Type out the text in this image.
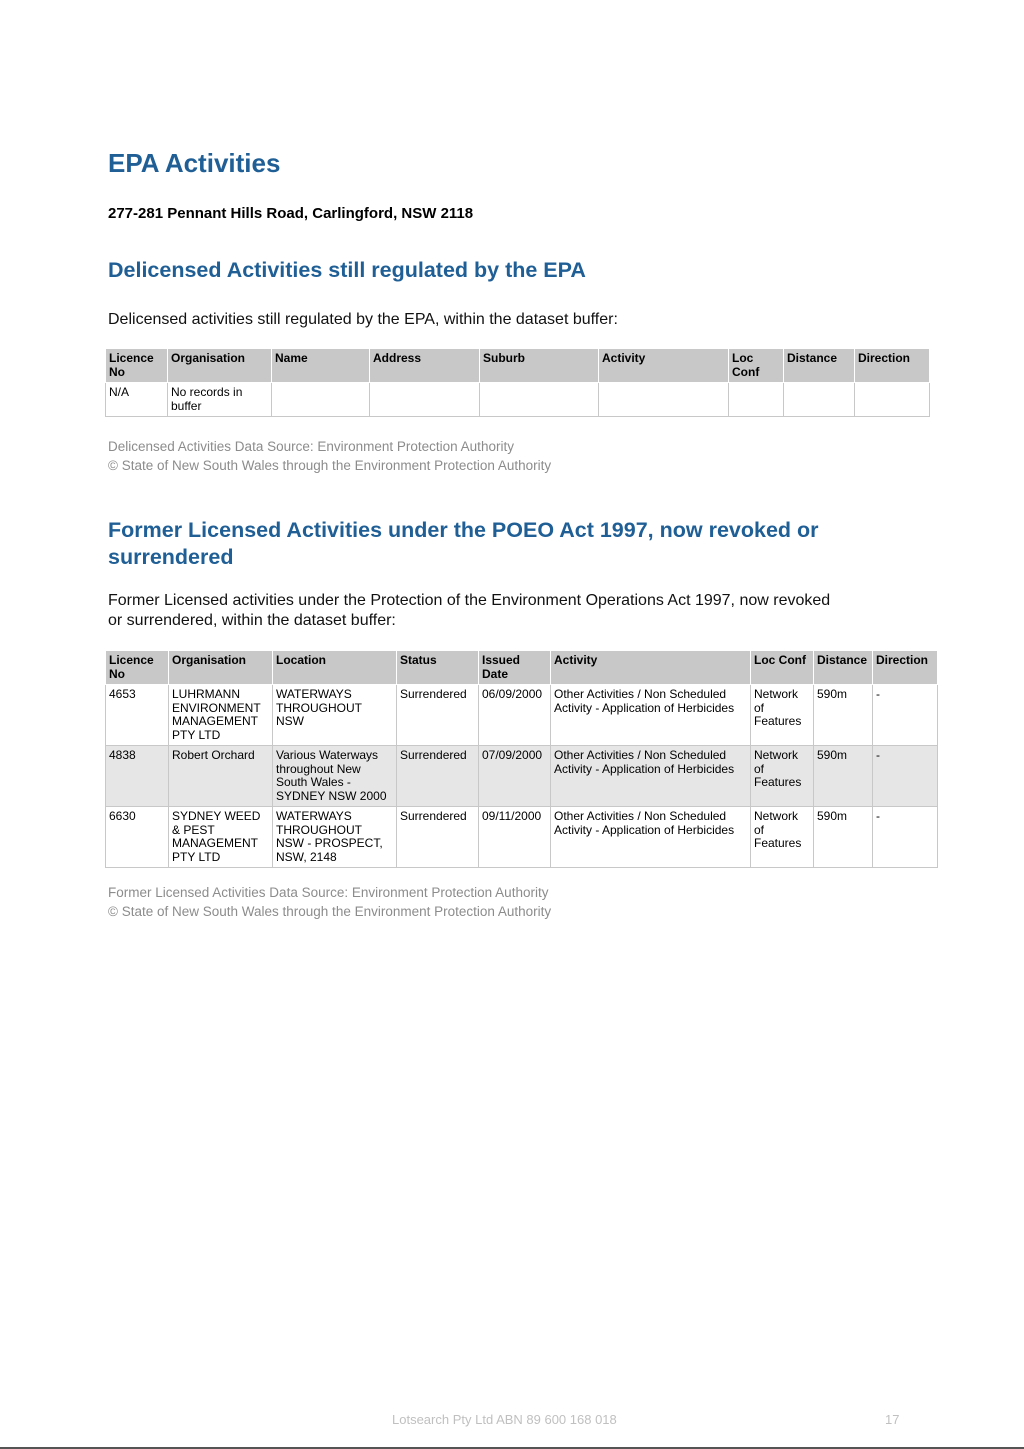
EPA Activities

277-281 Pennant Hills Road, Carlingford, NSW 2118

Delicensed Activities still regulated by the EPA

Delicensed activities still regulated by the EPA, within the dataset buffer:

Licence No	Organisation	Name	Address	Suburb	Activity	Loc Conf	Distance	Direction
N/A	No records in buffer							

Delicensed Activities Data Source: Environment Protection Authority
© State of New South Wales through the Environment Protection Authority

Former Licensed Activities under the POEO Act 1997, now revoked or surrendered

Former Licensed activities under the Protection of the Environment Operations Act 1997, now revoked or surrendered, within the dataset buffer:

Licence No	Organisation	Location	Status	Issued Date	Activity	Loc Conf	Distance	Direction
4653	LUHRMANN ENVIRONMENT MANAGEMENT PTY LTD	WATERWAYS THROUGHOUT NSW	Surrendered	06/09/2000	Other Activities / Non Scheduled Activity - Application of Herbicides	Network of Features	590m	-
4838	Robert Orchard	Various Waterways throughout New South Wales - SYDNEY NSW 2000	Surrendered	07/09/2000	Other Activities / Non Scheduled Activity - Application of Herbicides	Network of Features	590m	-
6630	SYDNEY WEED & PEST MANAGEMENT PTY LTD	WATERWAYS THROUGHOUT NSW - PROSPECT, NSW, 2148	Surrendered	09/11/2000	Other Activities / Non Scheduled Activity - Application of Herbicides	Network of Features	590m	-

Former Licensed Activities Data Source: Environment Protection Authority
© State of New South Wales through the Environment Protection Authority

Lotsearch Pty Ltd ABN 89 600 168 018	17
